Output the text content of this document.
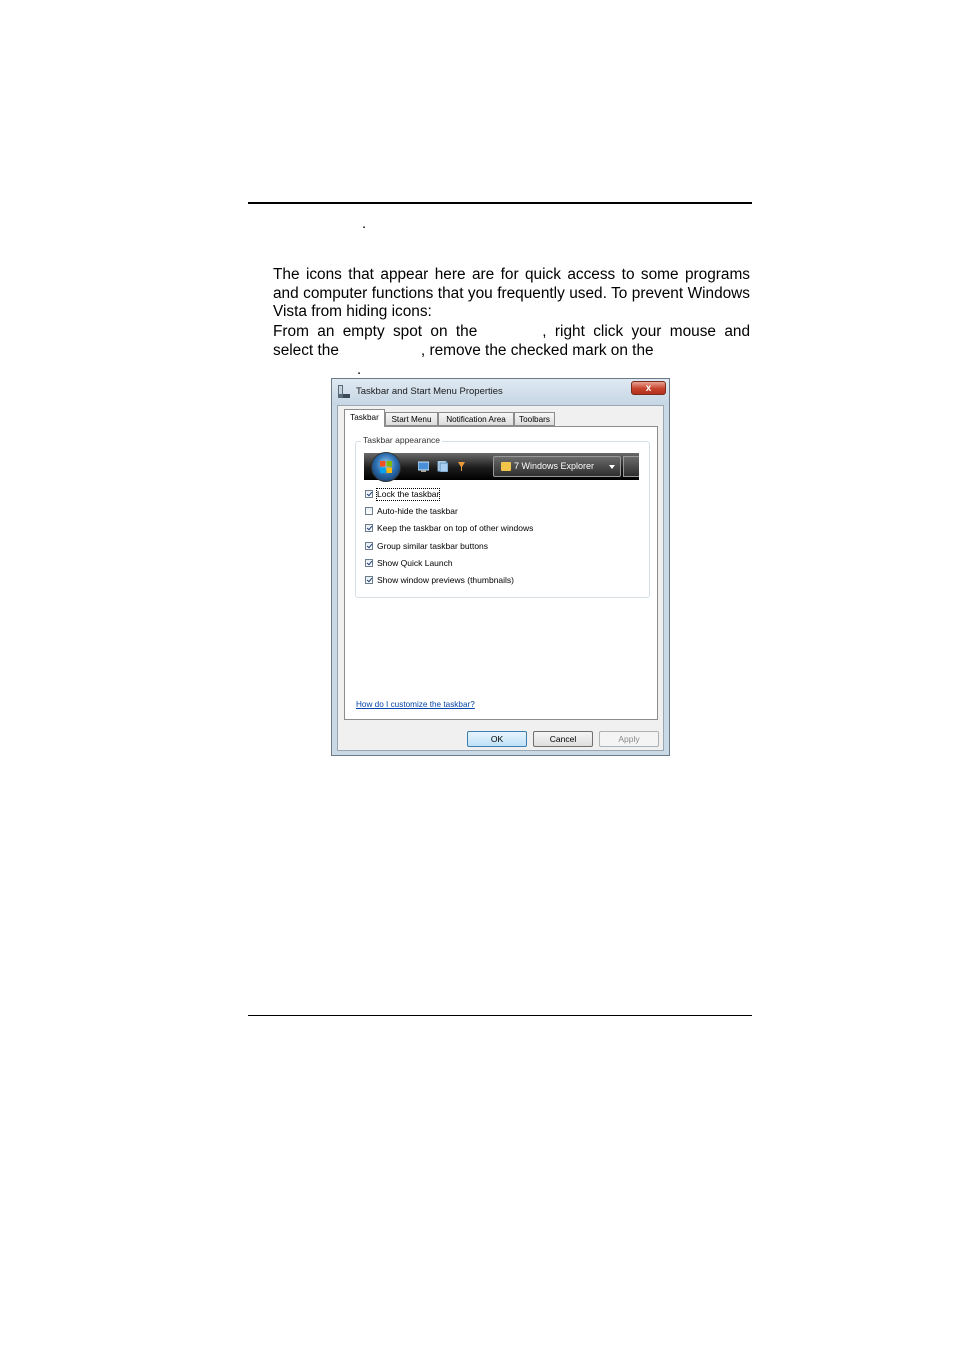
.

The icons that appear here are for quick access to some programs and computer functions that you frequently used. To prevent Windows Vista from hiding icons:

From an empty spot on the	, right click your mouse and select the	, remove the checked mark on the

.
Taskbar and Start Menu Properties	x
Taskbar	Start Menu	Notification Area	Toolbars
Taskbar appearance
7 Windows Explorer
Lock the taskbar
Auto-hide the taskbar
Keep the taskbar on top of other windows
Group similar taskbar buttons
Show Quick Launch
Show window previews (thumbnails)
How do I customize the taskbar?
OK	Cancel	Apply
